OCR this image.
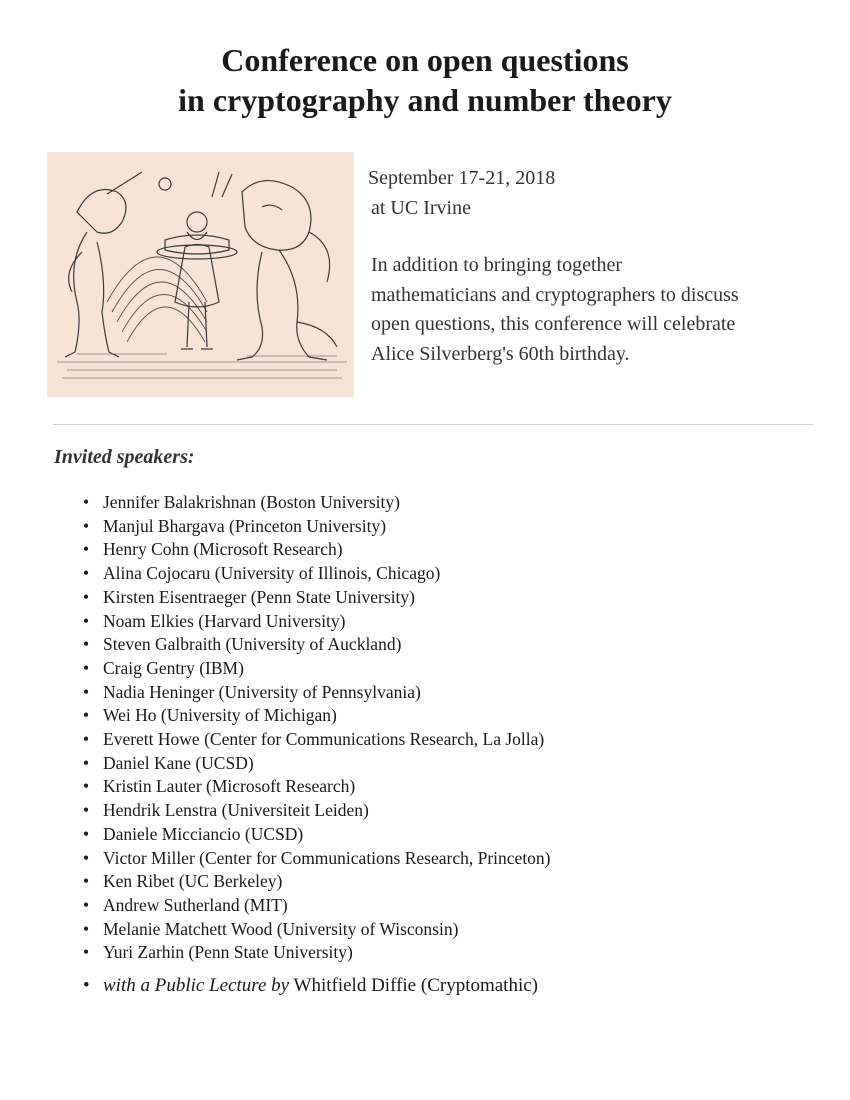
Conference on open questions
in cryptography and number theory
September 17-21, 2018
at UC Irvine
In addition to bringing together mathematicians and cryptographers to discuss open questions, this conference will celebrate Alice Silverberg's 60th birthday.
Invited speakers:
• Jennifer Balakrishnan (Boston University)
• Manjul Bhargava (Princeton University)
• Henry Cohn (Microsoft Research)
• Alina Cojocaru (University of Illinois, Chicago)
• Kirsten Eisentraeger (Penn State University)
• Noam Elkies (Harvard University)
• Steven Galbraith (University of Auckland)
• Craig Gentry (IBM)
• Nadia Heninger (University of Pennsylvania)
• Wei Ho (University of Michigan)
• Everett Howe (Center for Communications Research, La Jolla)
• Daniel Kane (UCSD)
• Kristin Lauter (Microsoft Research)
• Hendrik Lenstra (Universiteit Leiden)
• Daniele Micciancio (UCSD)
• Victor Miller (Center for Communications Research, Princeton)
• Ken Ribet (UC Berkeley)
• Andrew Sutherland (MIT)
• Melanie Matchett Wood (University of Wisconsin)
• Yuri Zarhin (Penn State University)
• with a Public Lecture by Whitfield Diffie (Cryptomathic)
